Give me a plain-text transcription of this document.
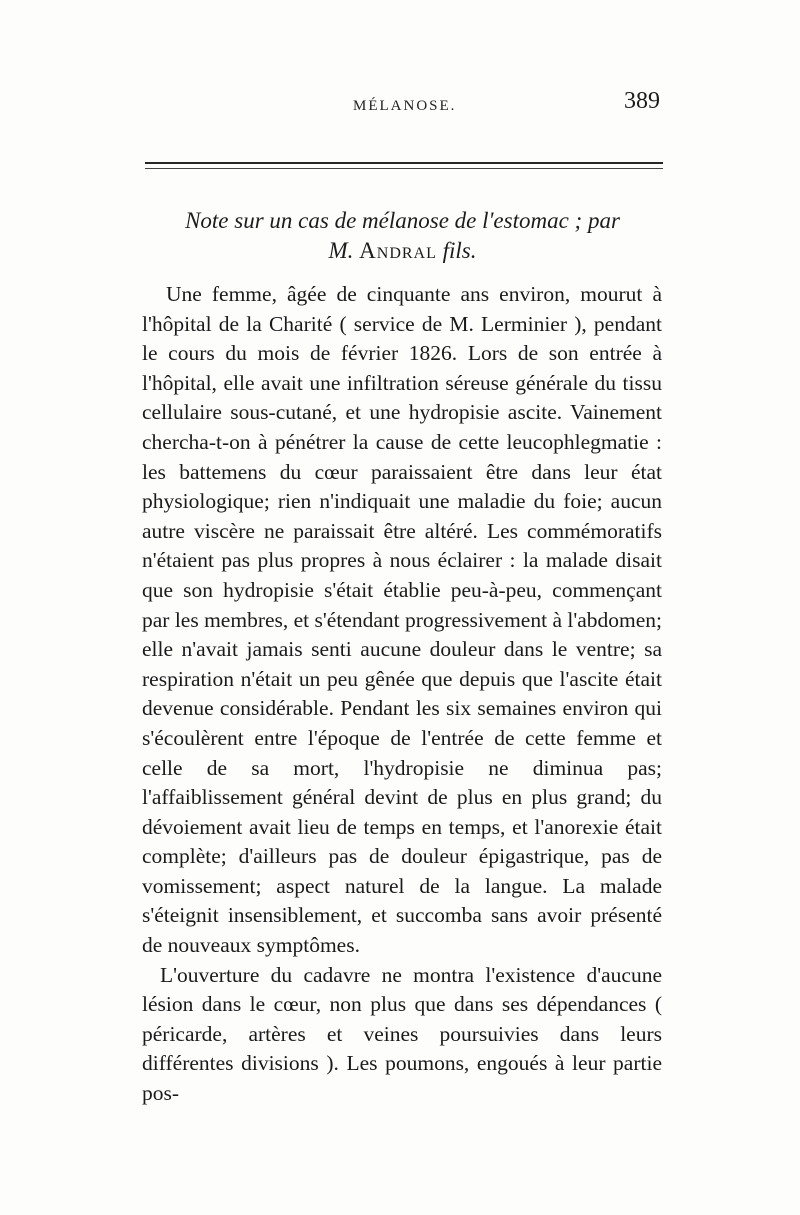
MÉLANOSE.	389
Note sur un cas de mélanose de l'estomac ; par
M. Andral fils.

Une femme, âgée de cinquante ans environ, mourut à l'hôpital de la Charité ( service de M. Lerminier ), pendant le cours du mois de février 1826. Lors de son entrée à l'hôpital, elle avait une infiltration séreuse générale du tissu cellulaire sous-cutané, et une hydropisie ascite. Vainement chercha-t-on à pénétrer la cause de cette leucophlegmatie : les battemens du cœur paraissaient être dans leur état physiologique; rien n'indiquait une maladie du foie; aucun autre viscère ne paraissait être altéré. Les commémoratifs n'étaient pas plus propres à nous éclairer : la malade disait que son hydropisie s'était établie peu-à-peu, commençant par les membres, et s'étendant progressivement à l'abdomen; elle n'avait jamais senti aucune douleur dans le ventre; sa respiration n'était un peu gênée que depuis que l'ascite était devenue considérable. Pendant les six semaines environ qui s'écoulèrent entre l'époque de l'entrée de cette femme et celle de sa mort, l'hydropisie ne diminua pas; l'affaiblissement général devint de plus en plus grand; du dévoiement avait lieu de temps en temps, et l'anorexie était complète; d'ailleurs pas de douleur épigastrique, pas de vomissement; aspect naturel de la langue. La malade s'éteignit insensiblement, et succomba sans avoir présenté de nouveaux symptômes.

L'ouverture du cadavre ne montra l'existence d'aucune lésion dans le cœur, non plus que dans ses dépendances ( péricarde, artères et veines poursuivies dans leurs différentes divisions ). Les poumons, engoués à leur partie pos-
